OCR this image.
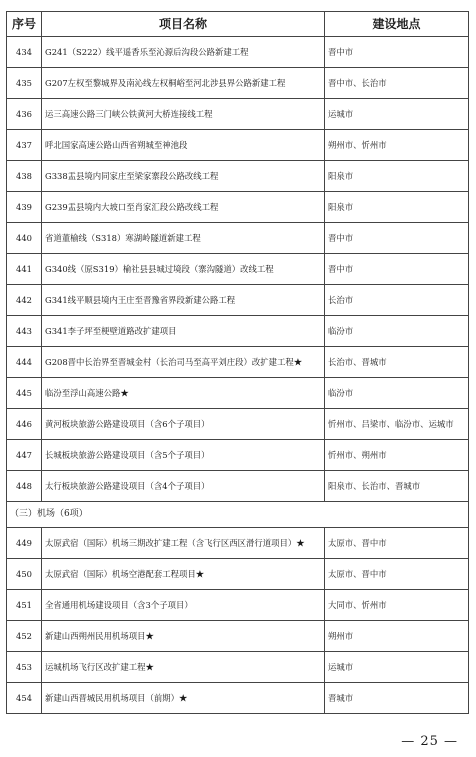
序号	项目名称	建设地点
434	G241（S222）线平遥香乐至沁源后沟段公路新建工程	晋中市
435	G207左权至黎城界及南沁线左权桐峪至河北涉县界公路新建工程	晋中市、长治市
436	运三高速公路三门峡公铁黄河大桥连接线工程	运城市
437	呼北国家高速公路山西省朔城至神池段	朔州市、忻州市
438	G338盂县境内同家庄至梁家寨段公路改线工程	阳泉市
439	G239盂县境内大坡口至肖家汇段公路改线工程	阳泉市
440	省道董榆线（S318）寒湖岭隧道新建工程	晋中市
441	G340线（原S319）榆社县县城过境段（寨沟隧道）改线工程	晋中市
442	G341线平顺县境内王庄至晋豫省界段新建公路工程	长治市
443	G341李子坪至梗壁道路改扩建项目	临汾市
444	G208晋中长治界至晋城金村（长治司马至高平刘庄段）改扩建工程★	长治市、晋城市
445	临汾至浮山高速公路★	临汾市
446	黄河板块旅游公路建设项目（含6个子项目）	忻州市、吕梁市、临汾市、运城市
447	长城板块旅游公路建设项目（含5个子项目）	忻州市、朔州市
448	太行板块旅游公路建设项目（含4个子项目）	阳泉市、长治市、晋城市
（三）机场（6项）		
449	太原武宿（国际）机场三期改扩建工程（含飞行区西区滑行道项目）★	太原市、晋中市
450	太原武宿（国际）机场空港配套工程项目★	太原市、晋中市
451	全省通用机场建设项目（含3个子项目）	大同市、忻州市
452	新建山西朔州民用机场项目★	朔州市
453	运城机场飞行区改扩建工程★	运城市
454	新建山西晋城民用机场项目（前期）★	晋城市
— 25 —
